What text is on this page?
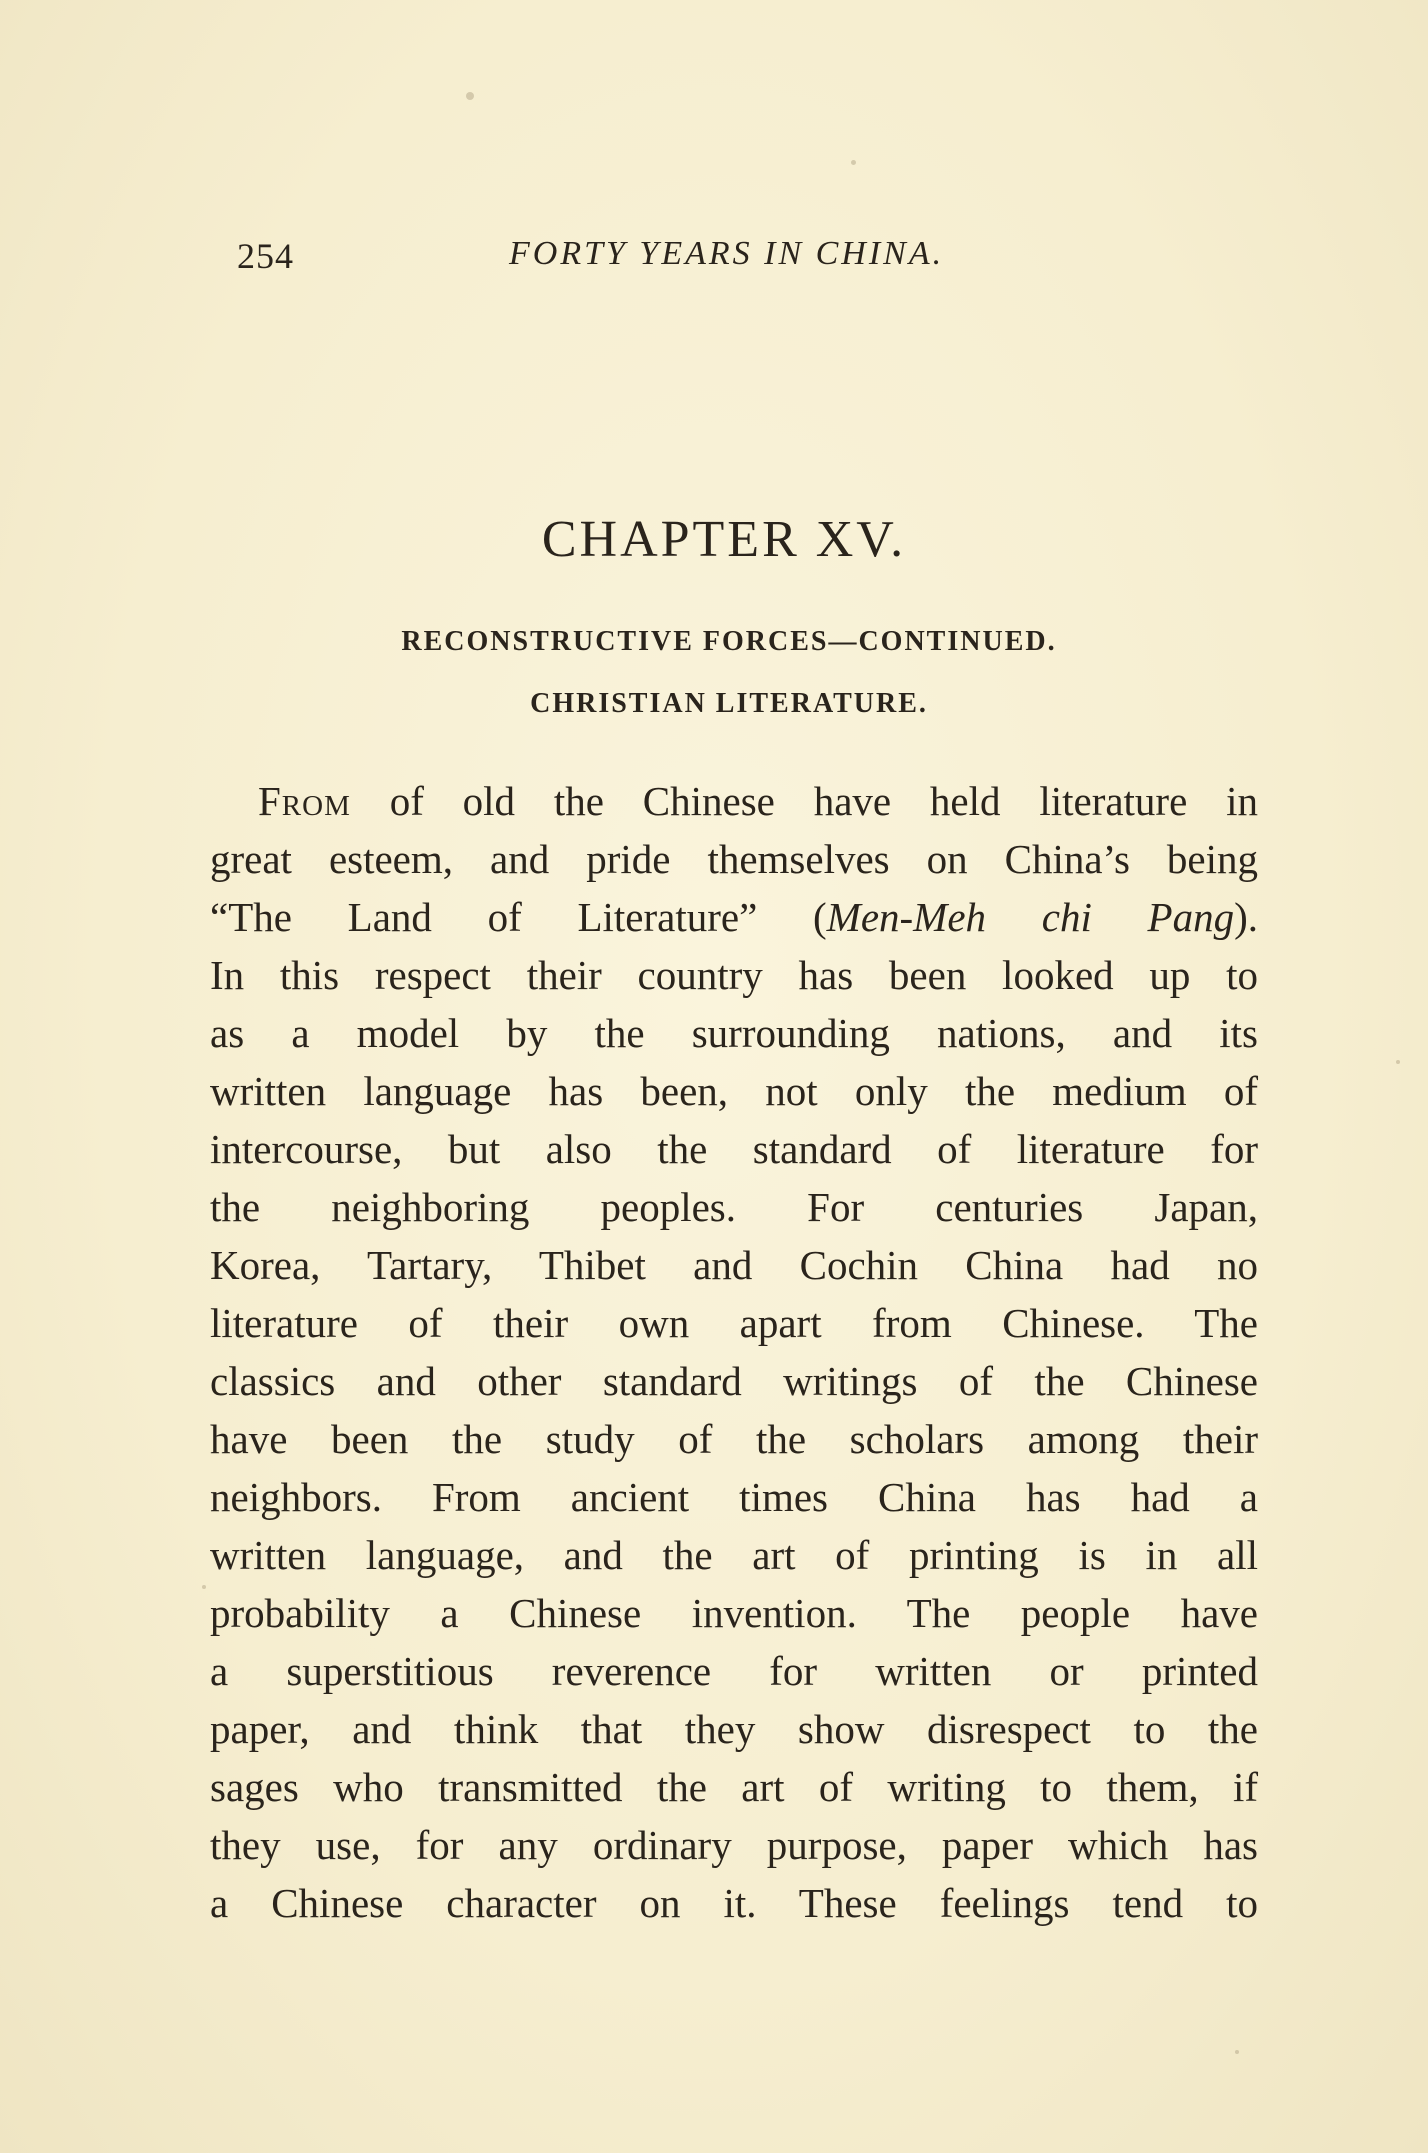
254	FORTY YEARS IN CHINA.
CHAPTER XV.
RECONSTRUCTIVE FORCES—CONTINUED.
CHRISTIAN LITERATURE.
From of old the Chinese have held literature in
great esteem, and pride themselves on China’s being
“The Land of Literature” (Men-Meh chi Pang).
In this respect their country has been looked up to
as a model by the surrounding nations, and its
written language has been, not only the medium of
intercourse, but also the standard of literature for
the neighboring peoples. For centuries Japan,
Korea, Tartary, Thibet and Cochin China had no
literature of their own apart from Chinese. The
classics and other standard writings of the Chinese
have been the study of the scholars among their
neighbors. From ancient times China has had a
written language, and the art of printing is in all
probability a Chinese invention. The people have
a superstitious reverence for written or printed
paper, and think that they show disrespect to the
sages who transmitted the art of writing to them, if
they use, for any ordinary purpose, paper which has
a Chinese character on it. These feelings tend to
